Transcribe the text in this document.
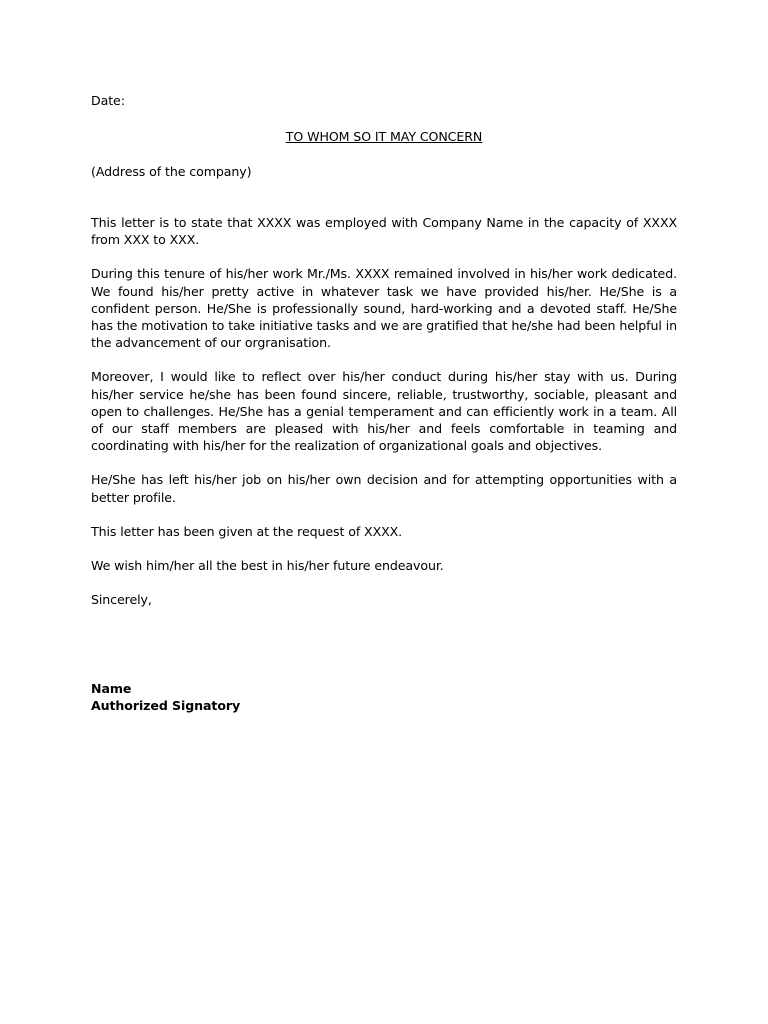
Date:
TO WHOM SO IT MAY CONCERN
(Address of the company)

This letter is to state that XXXX was employed with Company Name in the capacity of XXXX from XXX to XXX.

During this tenure of his/her work Mr./Ms. XXXX remained involved in his/her work dedicated. We found his/her pretty active in whatever task we have provided his/her. He/She is a confident person. He/She is professionally sound, hard-working and a devoted staff. He/She has the motivation to take initiative tasks and we are gratified that he/she had been helpful in the advancement of our orgranisation.

Moreover, I would like to reflect over his/her conduct during his/her stay with us. During his/her service he/she has been found sincere, reliable, trustworthy, sociable, pleasant and open to challenges. He/She has a genial temperament and can efficiently work in a team. All of our staff members are pleased with his/her and feels comfortable in teaming and coordinating with his/her for the realization of organizational goals and objectives.

He/She has left his/her job on his/her own decision and for attempting opportunities with a better profile.

This letter has been given at the request of XXXX.

We wish him/her all the best in his/her future endeavour.

Sincerely,

Name
Authorized Signatory
